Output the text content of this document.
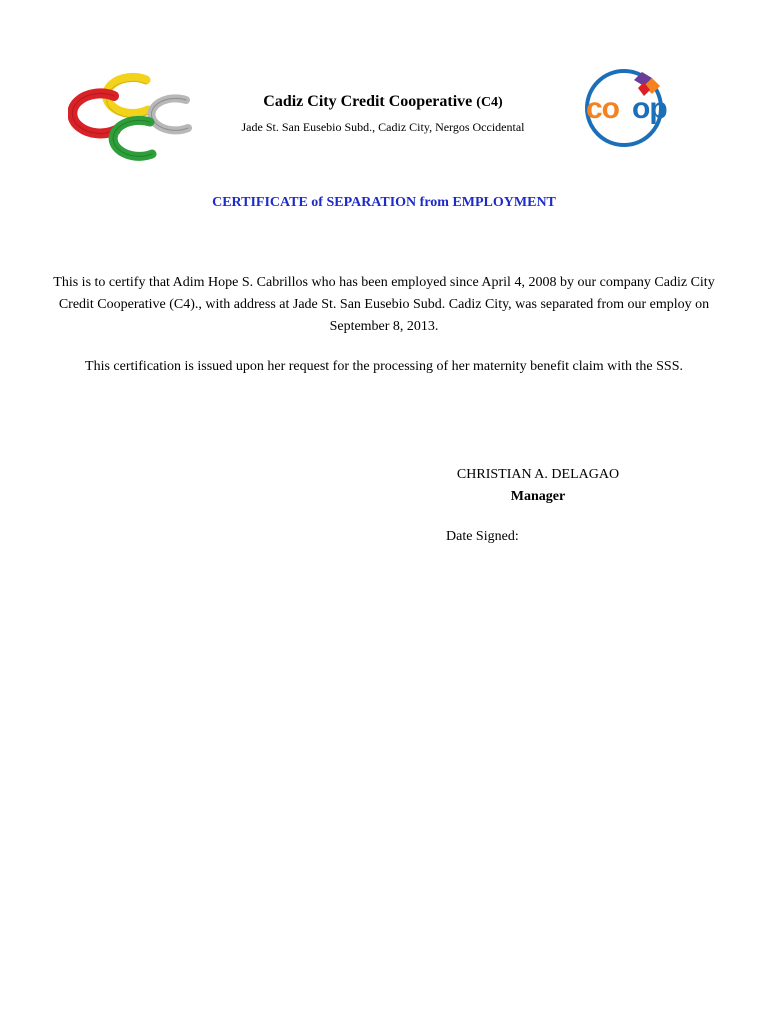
Cadiz City Credit Cooperative (C4)
Jade St. San Eusebio Subd., Cadiz City, Nergos Occidental
co op
CERTIFICATE of SEPARATION from EMPLOYMENT

This is to certify that Adim Hope S. Cabrillos who has been employed since April 4, 2008 by our company Cadiz City Credit Cooperative (C4)., with address at Jade St. San Eusebio Subd. Cadiz City, was separated from our employ on September 8, 2013.

This certification is issued upon her request for the processing of her maternity benefit claim with the SSS.

CHRISTIAN A. DELAGAO
Manager
Date Signed:
